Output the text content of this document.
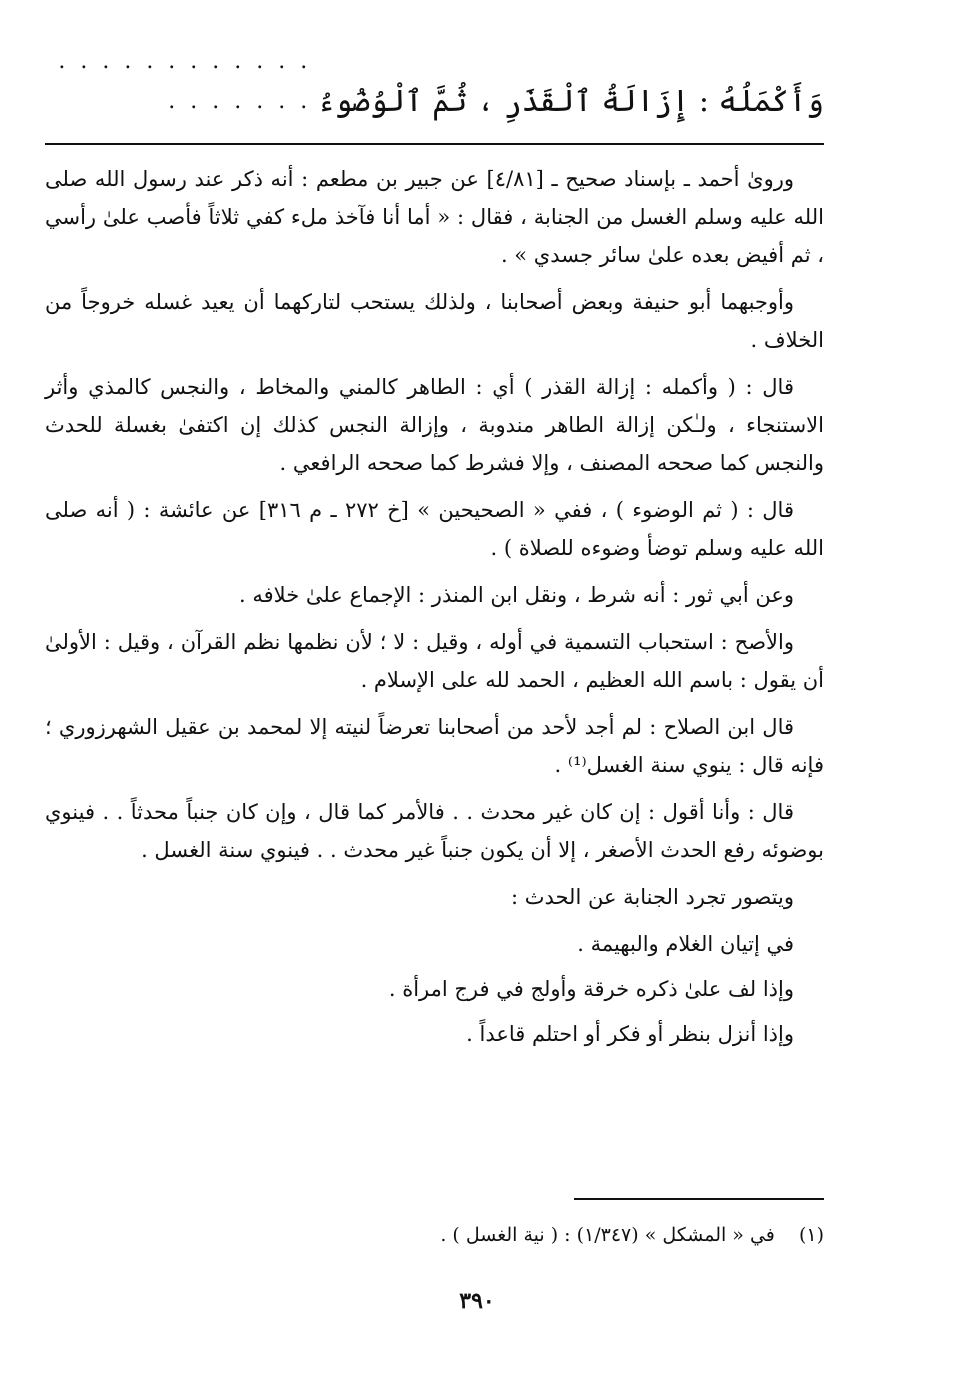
وَأَكْمَلُهُ : إِزَالَةُ ٱلْقَذَرِ ، ثُمَّ ٱلْوُضُوءُ
. . . . . . . . . . . . . . . . . . .

ورویٰ أحمد ـ بإسناد صحيح ـ [٤/٨١] عن جبير بن مطعم : أنه ذكر عند رسول الله صلى الله عليه وسلم الغسل من الجنابة ، فقال : « أما أنا فآخذ ملء كفي ثلاثاً فأصب علىٰ رأسي ، ثم أفيض بعده علىٰ سائر جسدي » .

وأوجبهما أبو حنيفة وبعض أصحابنا ، ولذلك يستحب لتاركهما أن يعيد غسله خروجاً من الخلاف .

قال : ( وأكمله : إزالة القذر ) أي : الطاهر كالمني والمخاط ، والنجس كالمذي وأثر الاستنجاء ، ولـٰكن إزالة الطاهر مندوبة ، وإزالة النجس كذلك إن اكتفىٰ بغسلة للحدث والنجس كما صححه المصنف ، وإلا فشرط كما صححه الرافعي .

قال : ( ثم الوضوء ) ، ففي « الصحيحين » [خ ٢٧٢ ـ م ٣١٦] عن عائشة : ( أنه صلى الله عليه وسلم توضأ وضوءه للصلاة ) .

وعن أبي ثور : أنه شرط ، ونقل ابن المنذر : الإجماع علىٰ خلافه .

والأصح : استحباب التسمية في أوله ، وقيل : لا ؛ لأن نظمها نظم القرآن ، وقيل : الأولىٰ أن يقول : باسم الله العظيم ، الحمد لله على الإسلام .

قال ابن الصلاح : لم أجد لأحد من أصحابنا تعرضاً لنيته إلا لمحمد بن عقيل الشهرزوري ؛ فإنه قال : ينوي سنة الغسل⁽¹⁾ .

قال : وأنا أقول : إن كان غير محدث . . فالأمر كما قال ، وإن كان جنباً محدثاً . . فينوي بوضوئه رفع الحدث الأصغر ، إلا أن يكون جنباً غير محدث . . فينوي سنة الغسل .

ويتصور تجرد الجنابة عن الحدث :

في إتيان الغلام والبهيمة .

وإذا لف علىٰ ذكره خرقة وأولج في فرج امرأة .

وإذا أنزل بنظر أو فكر أو احتلم قاعداً .

(١) في « المشكل » (١/٣٤٧) : ( نية الغسل ) .
٣٩٠
